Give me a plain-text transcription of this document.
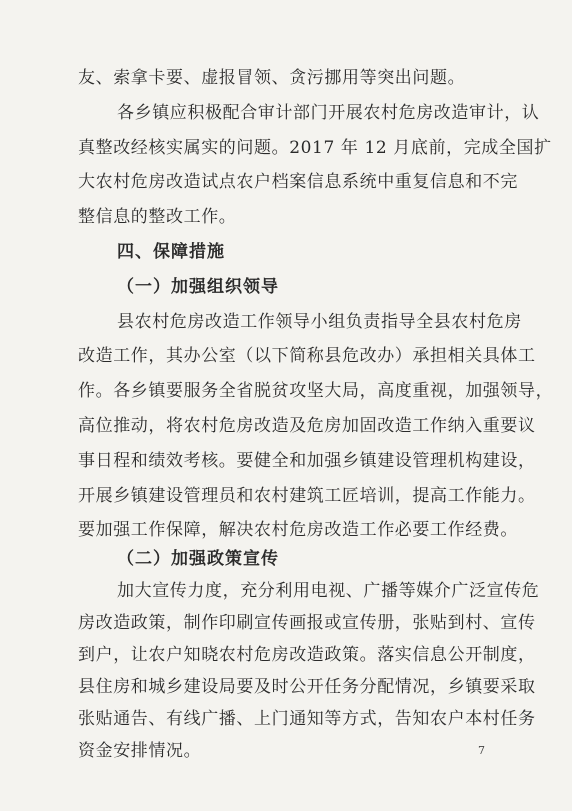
友、索拿卡要、虚报冒领、贪污挪用等突出问题。
各乡镇应积极配合审计部门开展农村危房改造审计，认
真整改经核实属实的问题。2017 年 12 月底前，完成全国扩
大农村危房改造试点农户档案信息系统中重复信息和不完
整信息的整改工作。
四、保障措施
（一）加强组织领导
县农村危房改造工作领导小组负责指导全县农村危房
改造工作，其办公室（以下简称县危改办）承担相关具体工
作。各乡镇要服务全省脱贫攻坚大局，高度重视，加强领导，
高位推动，将农村危房改造及危房加固改造工作纳入重要议
事日程和绩效考核。要健全和加强乡镇建设管理机构建设，
开展乡镇建设管理员和农村建筑工匠培训，提高工作能力。
要加强工作保障，解决农村危房改造工作必要工作经费。
（二）加强政策宣传
加大宣传力度，充分利用电视、广播等媒介广泛宣传危
房改造政策，制作印刷宣传画报或宣传册，张贴到村、宣传
到户，让农户知晓农村危房改造政策。落实信息公开制度，
县住房和城乡建设局要及时公开任务分配情况，乡镇要采取
张贴通告、有线广播、上门通知等方式，告知农户本村任务
资金安排情况。	7
